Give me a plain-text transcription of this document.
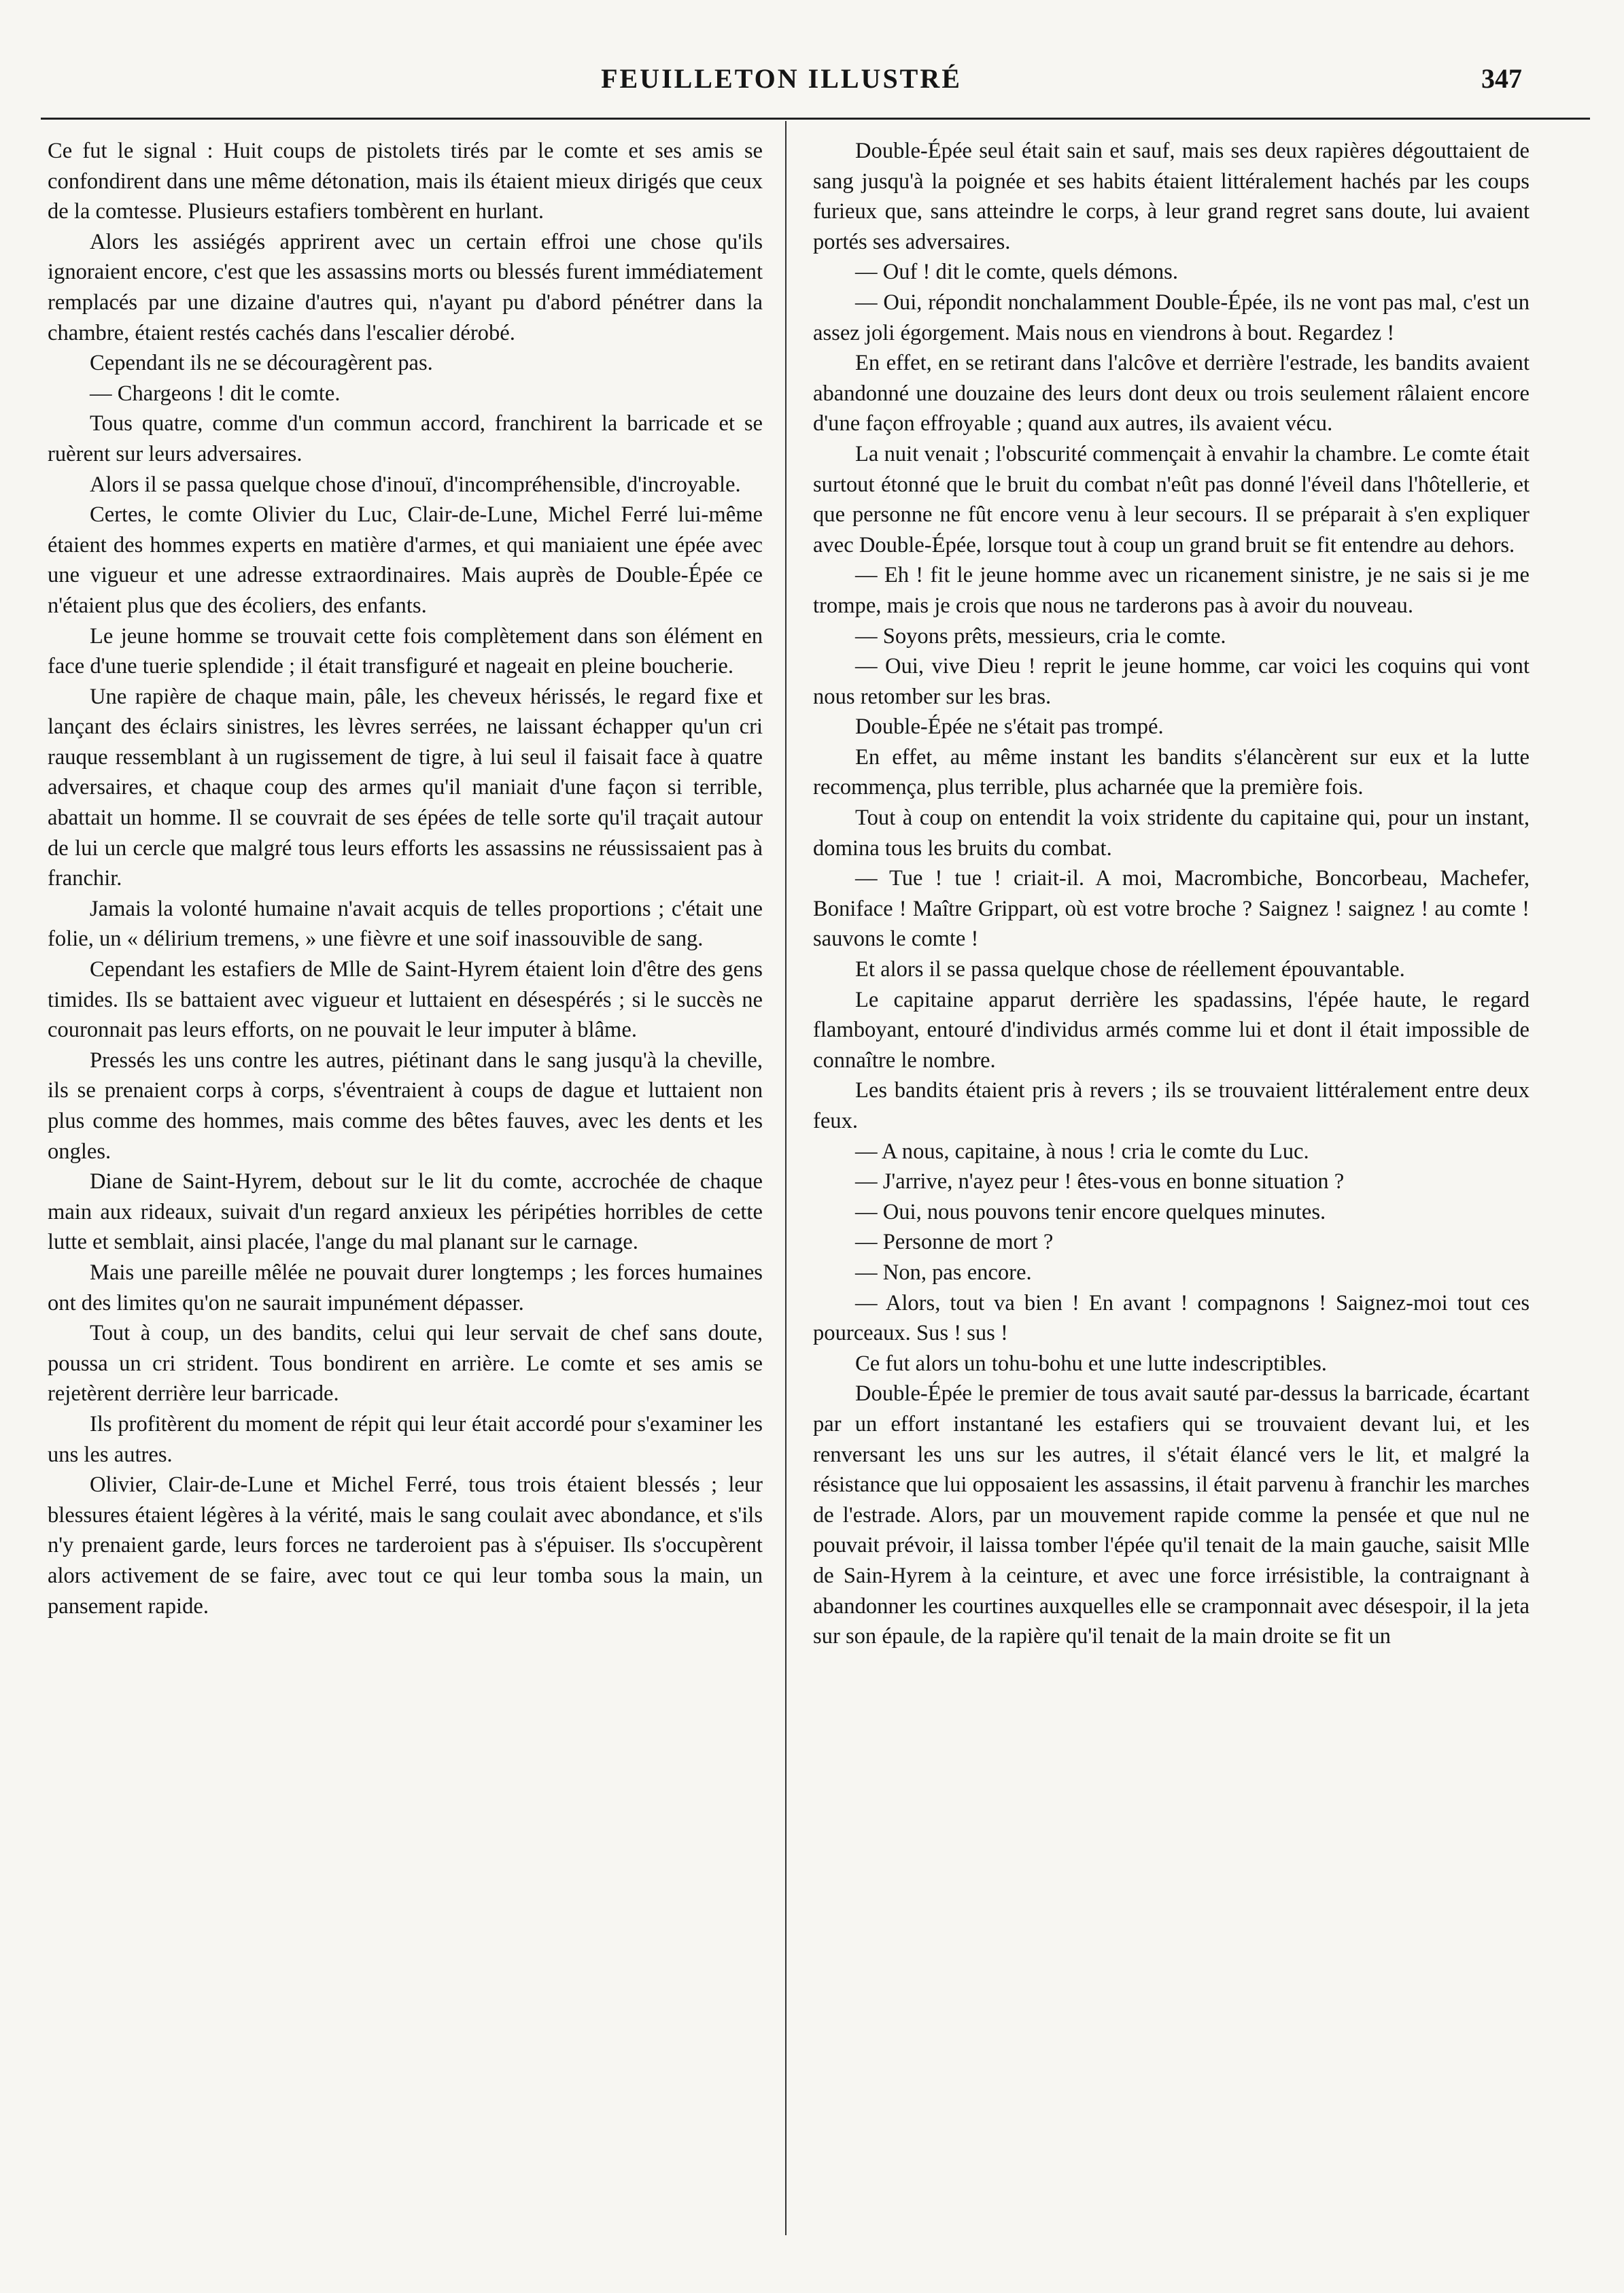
FEUILLETON ILLUSTRÉ	347

Ce fut le signal : Huit coups de pistolets tirés par le comte et ses amis se confondirent dans une même détonation, mais ils étaient mieux dirigés que ceux de la comtesse. Plusieurs estafiers tombèrent en hurlant.

Alors les assiégés apprirent avec un certain effroi une chose qu'ils ignoraient encore, c'est que les assassins morts ou blessés furent immédiatement remplacés par une dizaine d'autres qui, n'ayant pu d'abord pénétrer dans la chambre, étaient restés cachés dans l'escalier dérobé.

Cependant ils ne se découragèrent pas.

— Chargeons ! dit le comte.

Tous quatre, comme d'un commun accord, franchirent la barricade et se ruèrent sur leurs adversaires.

Alors il se passa quelque chose d'inouï, d'incompréhensible, d'incroyable.

Certes, le comte Olivier du Luc, Clair-de-Lune, Michel Ferré lui-même étaient des hommes experts en matière d'armes, et qui maniaient une épée avec une vigueur et une adresse extraordinaires. Mais auprès de Double-Épée ce n'étaient plus que des écoliers, des enfants.

Le jeune homme se trouvait cette fois complètement dans son élément en face d'une tuerie splendide ; il était transfiguré et nageait en pleine boucherie.

Une rapière de chaque main, pâle, les cheveux hérissés, le regard fixe et lançant des éclairs sinistres, les lèvres serrées, ne laissant échapper qu'un cri rauque ressemblant à un rugissement de tigre, à lui seul il faisait face à quatre adversaires, et chaque coup des armes qu'il maniait d'une façon si terrible, abattait un homme. Il se couvrait de ses épées de telle sorte qu'il traçait autour de lui un cercle que malgré tous leurs efforts les assassins ne réussissaient pas à franchir.

Jamais la volonté humaine n'avait acquis de telles proportions ; c'était une folie, un « délirium tremens, » une fièvre et une soif inassouvible de sang.

Cependant les estafiers de Mlle de Saint-Hyrem étaient loin d'être des gens timides. Ils se battaient avec vigueur et luttaient en désespérés ; si le succès ne couronnait pas leurs efforts, on ne pouvait le leur imputer à blâme.

Pressés les uns contre les autres, piétinant dans le sang jusqu'à la cheville, ils se prenaient corps à corps, s'éventraient à coups de dague et luttaient non plus comme des hommes, mais comme des bêtes fauves, avec les dents et les ongles.

Diane de Saint-Hyrem, debout sur le lit du comte, accrochée de chaque main aux rideaux, suivait d'un regard anxieux les péripéties horribles de cette lutte et semblait, ainsi placée, l'ange du mal planant sur le carnage.

Mais une pareille mêlée ne pouvait durer longtemps ; les forces humaines ont des limites qu'on ne saurait impunément dépasser.

Tout à coup, un des bandits, celui qui leur servait de chef sans doute, poussa un cri strident. Tous bondirent en arrière. Le comte et ses amis se rejetèrent derrière leur barricade.

Ils profitèrent du moment de répit qui leur était accordé pour s'examiner les uns les autres.

Olivier, Clair-de-Lune et Michel Ferré, tous trois étaient blessés ; leur blessures étaient légères à la vérité, mais le sang coulait avec abondance, et s'ils n'y prenaient garde, leurs forces ne tarderoient pas à s'épuiser. Ils s'occupèrent alors activement de se faire, avec tout ce qui leur tomba sous la main, un pansement rapide.

Double-Épée seul était sain et sauf, mais ses deux rapières dégouttaient de sang jusqu'à la poignée et ses habits étaient littéralement hachés par les coups furieux que, sans atteindre le corps, à leur grand regret sans doute, lui avaient portés ses adversaires.

— Ouf ! dit le comte, quels démons.

— Oui, répondit nonchalamment Double-Épée, ils ne vont pas mal, c'est un assez joli égorgement. Mais nous en viendrons à bout. Regardez !

En effet, en se retirant dans l'alcôve et derrière l'estrade, les bandits avaient abandonné une douzaine des leurs dont deux ou trois seulement râlaient encore d'une façon effroyable ; quand aux autres, ils avaient vécu.

La nuit venait ; l'obscurité commençait à envahir la chambre. Le comte était surtout étonné que le bruit du combat n'eût pas donné l'éveil dans l'hôtellerie, et que personne ne fût encore venu à leur secours. Il se préparait à s'en expliquer avec Double-Épée, lorsque tout à coup un grand bruit se fit entendre au dehors.

— Eh ! fit le jeune homme avec un ricanement sinistre, je ne sais si je me trompe, mais je crois que nous ne tarderons pas à avoir du nouveau.

— Soyons prêts, messieurs, cria le comte.

— Oui, vive Dieu ! reprit le jeune homme, car voici les coquins qui vont nous retomber sur les bras.

Double-Épée ne s'était pas trompé.

En effet, au même instant les bandits s'élancèrent sur eux et la lutte recommença, plus terrible, plus acharnée que la première fois.

Tout à coup on entendit la voix stridente du capitaine qui, pour un instant, domina tous les bruits du combat.

— Tue ! tue ! criait-il. A moi, Macrombiche, Boncorbeau, Machefer, Boniface ! Maître Grippart, où est votre broche ? Saignez ! saignez ! au comte ! sauvons le comte !

Et alors il se passa quelque chose de réellement épouvantable.

Le capitaine apparut derrière les spadassins, l'épée haute, le regard flamboyant, entouré d'individus armés comme lui et dont il était impossible de connaître le nombre.

Les bandits étaient pris à revers ; ils se trouvaient littéralement entre deux feux.

— A nous, capitaine, à nous ! cria le comte du Luc.

— J'arrive, n'ayez peur ! êtes-vous en bonne situation ?

— Oui, nous pouvons tenir encore quelques minutes.

— Personne de mort ?

— Non, pas encore.

— Alors, tout va bien ! En avant ! compagnons ! Saignez-moi tout ces pourceaux. Sus ! sus !

Ce fut alors un tohu-bohu et une lutte indescriptibles.

Double-Épée le premier de tous avait sauté par-dessus la barricade, écartant par un effort instantané les estafiers qui se trouvaient devant lui, et les renversant les uns sur les autres, il s'était élancé vers le lit, et malgré la résistance que lui opposaient les assassins, il était parvenu à franchir les marches de l'estrade. Alors, par un mouvement rapide comme la pensée et que nul ne pouvait prévoir, il laissa tomber l'épée qu'il tenait de la main gauche, saisit Mlle de Sain-Hyrem à la ceinture, et avec une force irrésistible, la contraignant à abandonner les courtines auxquelles elle se cramponnait avec désespoir, il la jeta sur son épaule, de la rapière qu'il tenait de la main droite se fit un
